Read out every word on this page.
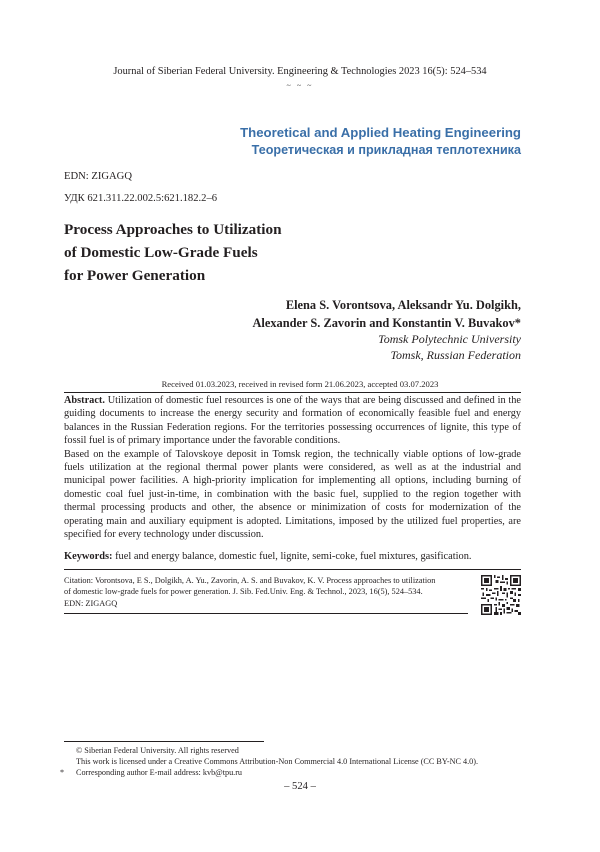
Journal of Siberian Federal University. Engineering & Technologies 2023 16(5): 524–534
~ ~ ~
Theoretical and Applied Heating Engineering
Теоретическая и прикладная теплотехника
EDN: ZIGAGQ
УДК 621.311.22.002.5:621.182.2–6
Process Approaches to Utilization
of Domestic Low-Grade Fuels
for Power Generation
Elena S. Vorontsova, Aleksandr Yu. Dolgikh,
Alexander S. Zavorin and Konstantin V. Buvakov*
Tomsk Polytechnic University
Tomsk, Russian Federation
Received 01.03.2023, received in revised form 21.06.2023, accepted 03.07.2023

Abstract. Utilization of domestic fuel resources is one of the ways that are being discussed and defined in the guiding documents to increase the energy security and formation of economically feasible fuel and energy balances in the Russian Federation regions. For the territories possessing occurrences of lignite, this type of fossil fuel is of primary importance under the favorable conditions.

Based on the example of Talovskoye deposit in Tomsk region, the technically viable options of low-grade fuels utilization at the regional thermal power plants were considered, as well as at the industrial and municipal power facilities. A high-priority implication for implementing all options, including burning of domestic coal fuel just-in-time, in combination with the basic fuel, supplied to the region together with thermal processing products and other, the absence or minimization of costs for modernization of the operating main and auxiliary equipment is adopted. Limitations, imposed by the utilized fuel properties, are specified for every technology under discussion.

Keywords: fuel and energy balance, domestic fuel, lignite, semi-coke, fuel mixtures, gasification.
Citation: Vorontsova, E S., Dolgikh, A. Yu., Zavorin, A. S. and Buvakov, K. V. Process approaches to utilization
of domestic low-grade fuels for power generation. J. Sib. Fed.Univ. Eng. & Technol., 2023, 16(5), 524–534.
EDN: ZIGAGQ
© Siberian Federal University. All rights reserved
This work is licensed under a Creative Commons Attribution-Non Commercial 4.0 International License (CC BY-NC 4.0).
* Corresponding author E-mail address: kvb@tpu.ru
– 524 –
